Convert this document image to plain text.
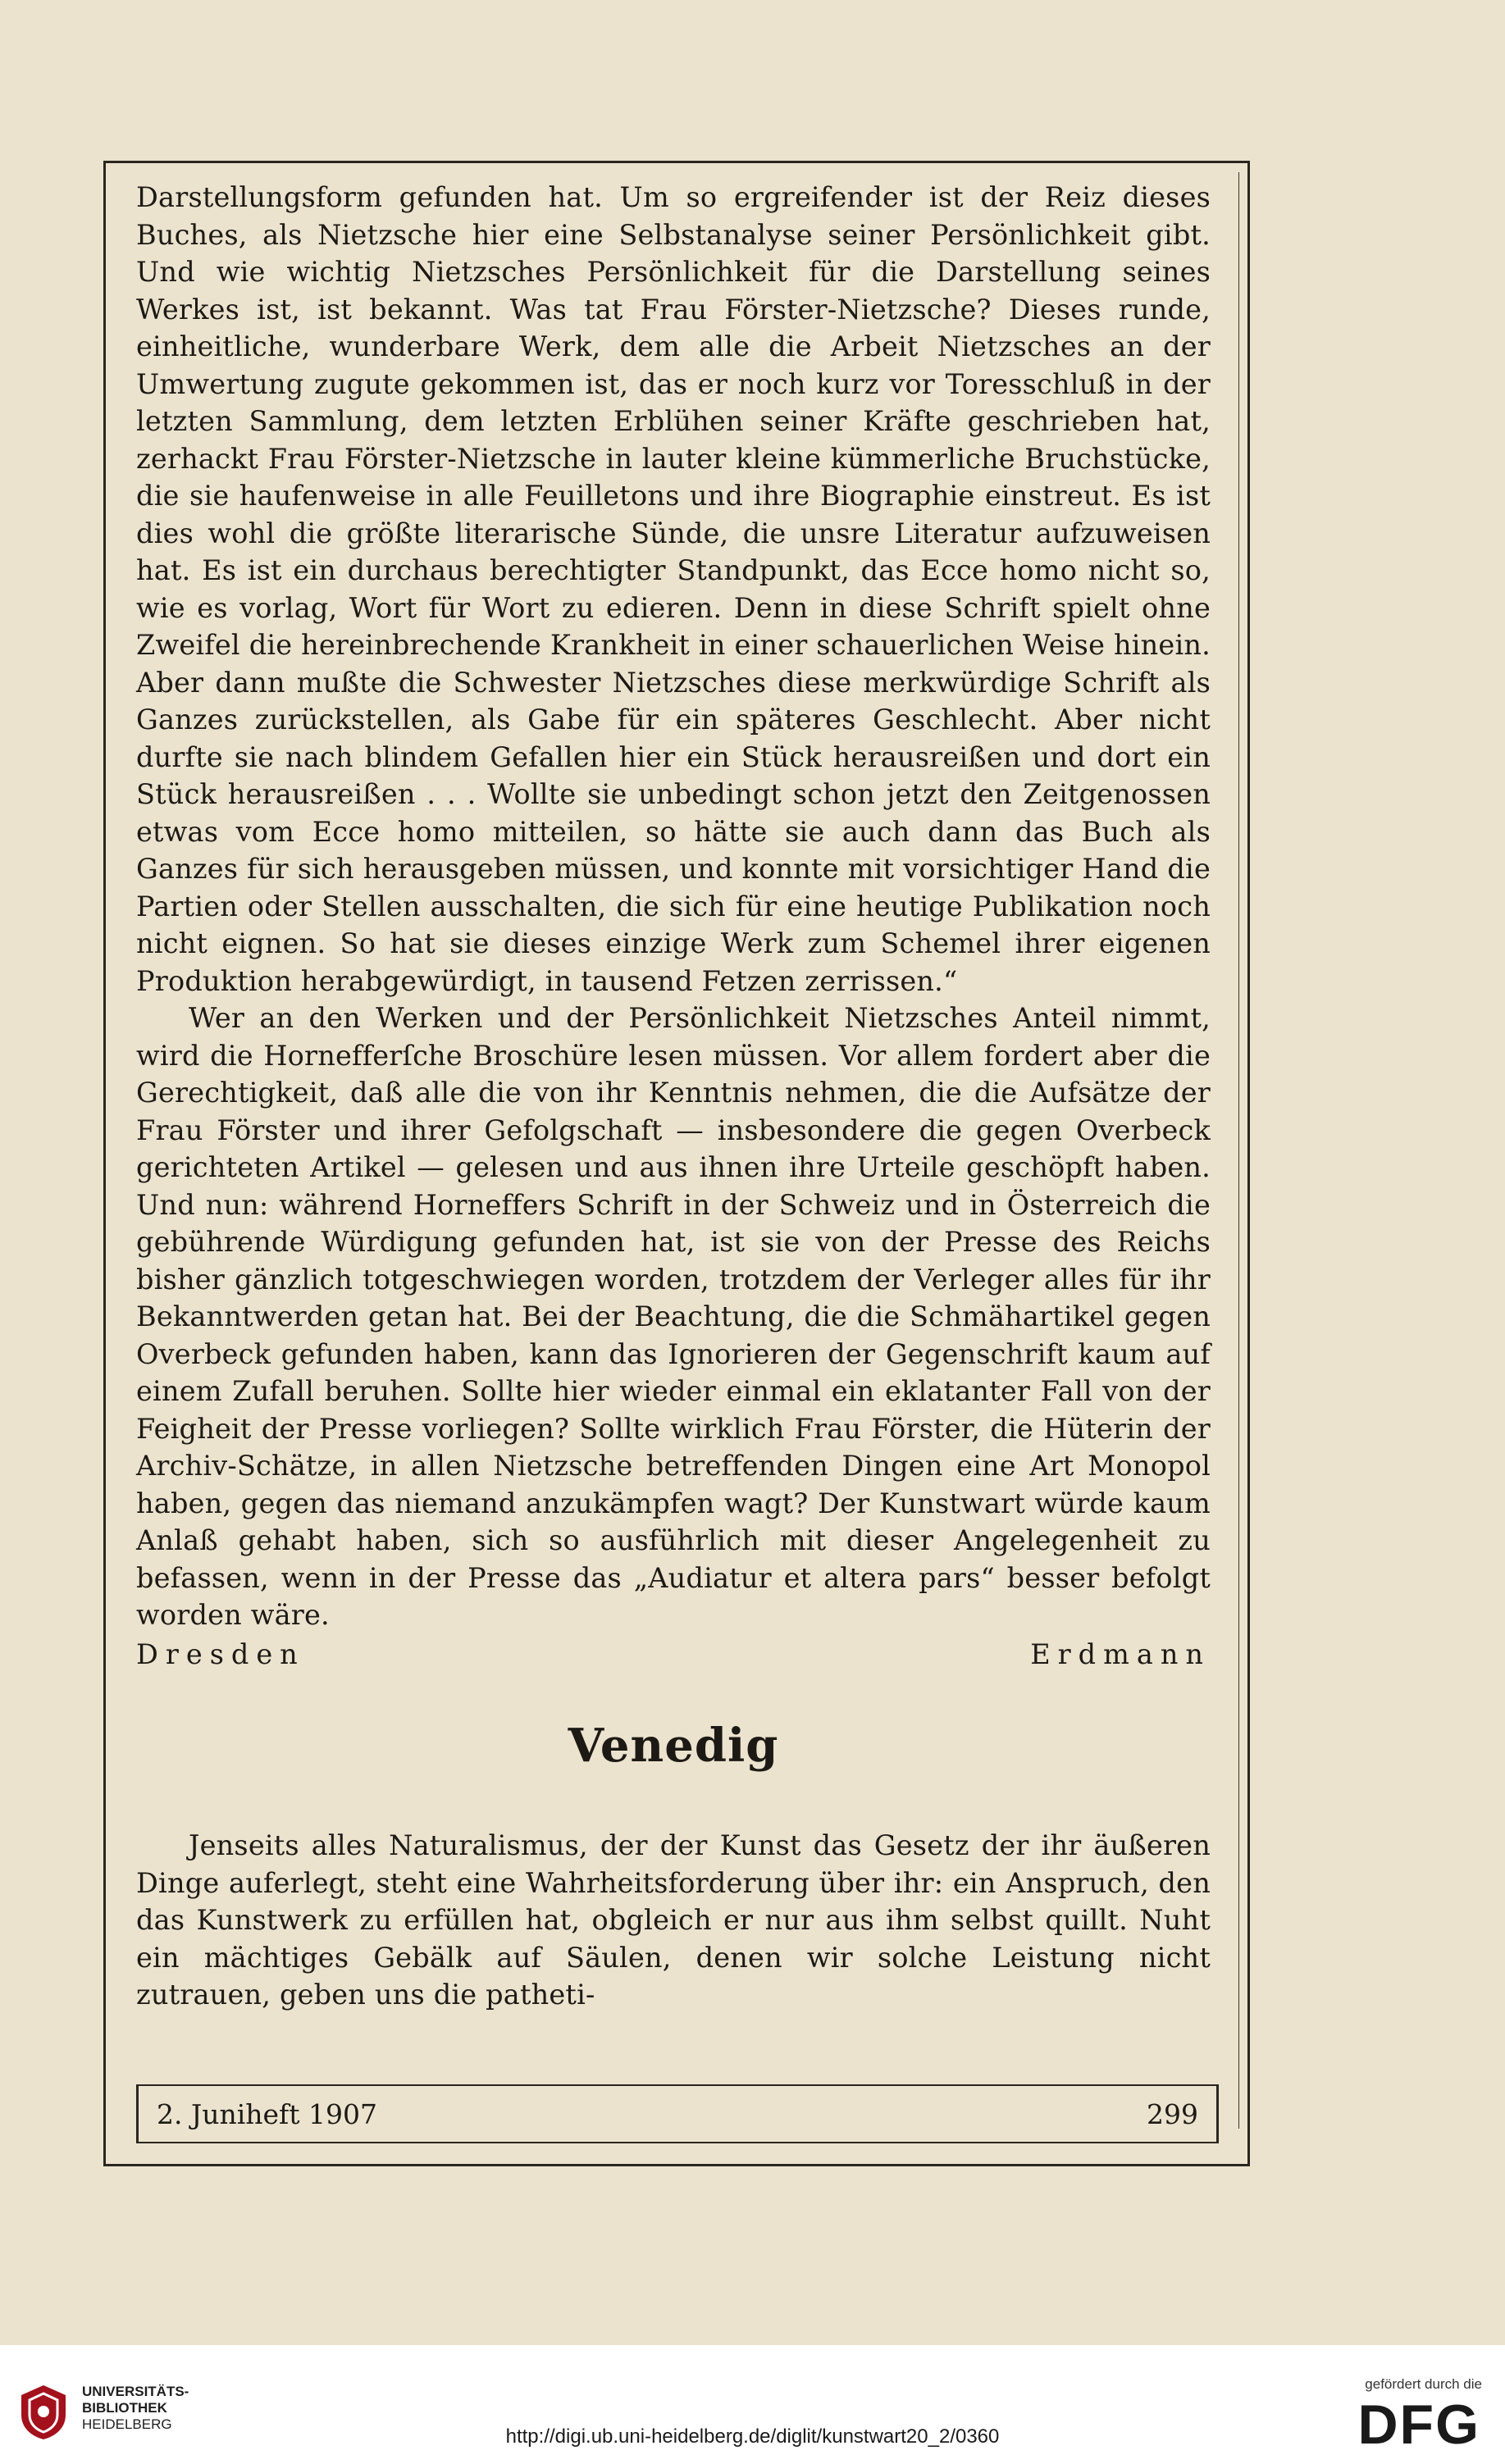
Darstellungsform gefunden hat. Um so ergreifender ist der Reiz dieses Buches, als Nietzsche hier eine Selbstanalyse seiner Persönlichkeit gibt. Und wie wichtig Nietzsches Persönlichkeit für die Darstellung seines Werkes ist, ist bekannt. Was tat Frau Förster-Nietzsche? Dieses runde, einheitliche, wunderbare Werk, dem alle die Arbeit Nietzsches an der Umwertung zugute gekommen ist, das er noch kurz vor Toresschluß in der letzten Sammlung, dem letzten Erblühen seiner Kräfte geschrieben hat, zerhackt Frau Förster-Nietzsche in lauter kleine kümmerliche Bruchstücke, die sie haufenweise in alle Feuilletons und ihre Biographie einstreut. Es ist dies wohl die größte literarische Sünde, die unsre Literatur aufzuweisen hat. Es ist ein durchaus berechtigter Standpunkt, das Ecce homo nicht so, wie es vorlag, Wort für Wort zu edieren. Denn in diese Schrift spielt ohne Zweifel die hereinbrechende Krankheit in einer schauerlichen Weise hinein. Aber dann mußte die Schwester Nietzsches diese merkwürdige Schrift als Ganzes zurückstellen, als Gabe für ein späteres Geschlecht. Aber nicht durfte sie nach blindem Gefallen hier ein Stück herausreißen und dort ein Stück herausreißen . . . Wollte sie unbedingt schon jetzt den Zeitgenossen etwas vom Ecce homo mitteilen, so hätte sie auch dann das Buch als Ganzes für sich herausgeben müssen, und konnte mit vorsichtiger Hand die Partien oder Stellen ausschalten, die sich für eine heutige Publikation noch nicht eignen. So hat sie dieses einzige Werk zum Schemel ihrer eigenen Produktion herabgewürdigt, in tausend Fetzen zerrissen.“

Wer an den Werken und der Persönlichkeit Nietzsches Anteil nimmt, wird die Hornefferſche Broschüre lesen müssen. Vor allem fordert aber die Gerechtigkeit, daß alle die von ihr Kenntnis nehmen, die die Aufsätze der Frau Förster und ihrer Gefolgschaft — insbesondere die gegen Overbeck gerichteten Artikel — gelesen und aus ihnen ihre Urteile geschöpft haben. Und nun: während Horneffers Schrift in der Schweiz und in Österreich die gebührende Würdigung gefunden hat, ist sie von der Presse des Reichs bisher gänzlich totgeschwiegen worden, trotzdem der Verleger alles für ihr Bekanntwerden getan hat. Bei der Beachtung, die die Schmähartikel gegen Overbeck gefunden haben, kann das Ignorieren der Gegenschrift kaum auf einem Zufall beruhen. Sollte hier wieder einmal ein eklatanter Fall von der Feigheit der Presse vorliegen? Sollte wirklich Frau Förster, die Hüterin der Archiv-Schätze, in allen Nietzsche betreffenden Dingen eine Art Monopol haben, gegen das niemand anzukämpfen wagt? Der Kunstwart würde kaum Anlaß gehabt haben, sich so ausführlich mit dieser Angelegenheit zu befassen, wenn in der Presse das „Audiatur et altera pars“ besser befolgt worden wäre.

Dresden	Erdmann
Venedig

Jenseits alles Naturalismus, der der Kunst das Gesetz der ihr äußeren Dinge auferlegt, steht eine Wahrheitsforderung über ihr: ein Anspruch, den das Kunstwerk zu erfüllen hat, obgleich er nur aus ihm selbst quillt. Nuht ein mächtiges Gebälk auf Säulen, denen wir solche Leistung nicht zutrauen, geben uns die patheti-

2. Juniheft 1907	299
UNIVERSITÄTS-
BIBLIOTHEK
HEIDELBERG
http://digi.ub.uni-heidelberg.de/diglit/kunstwart20_2/0360
gefördert durch die
DFG
